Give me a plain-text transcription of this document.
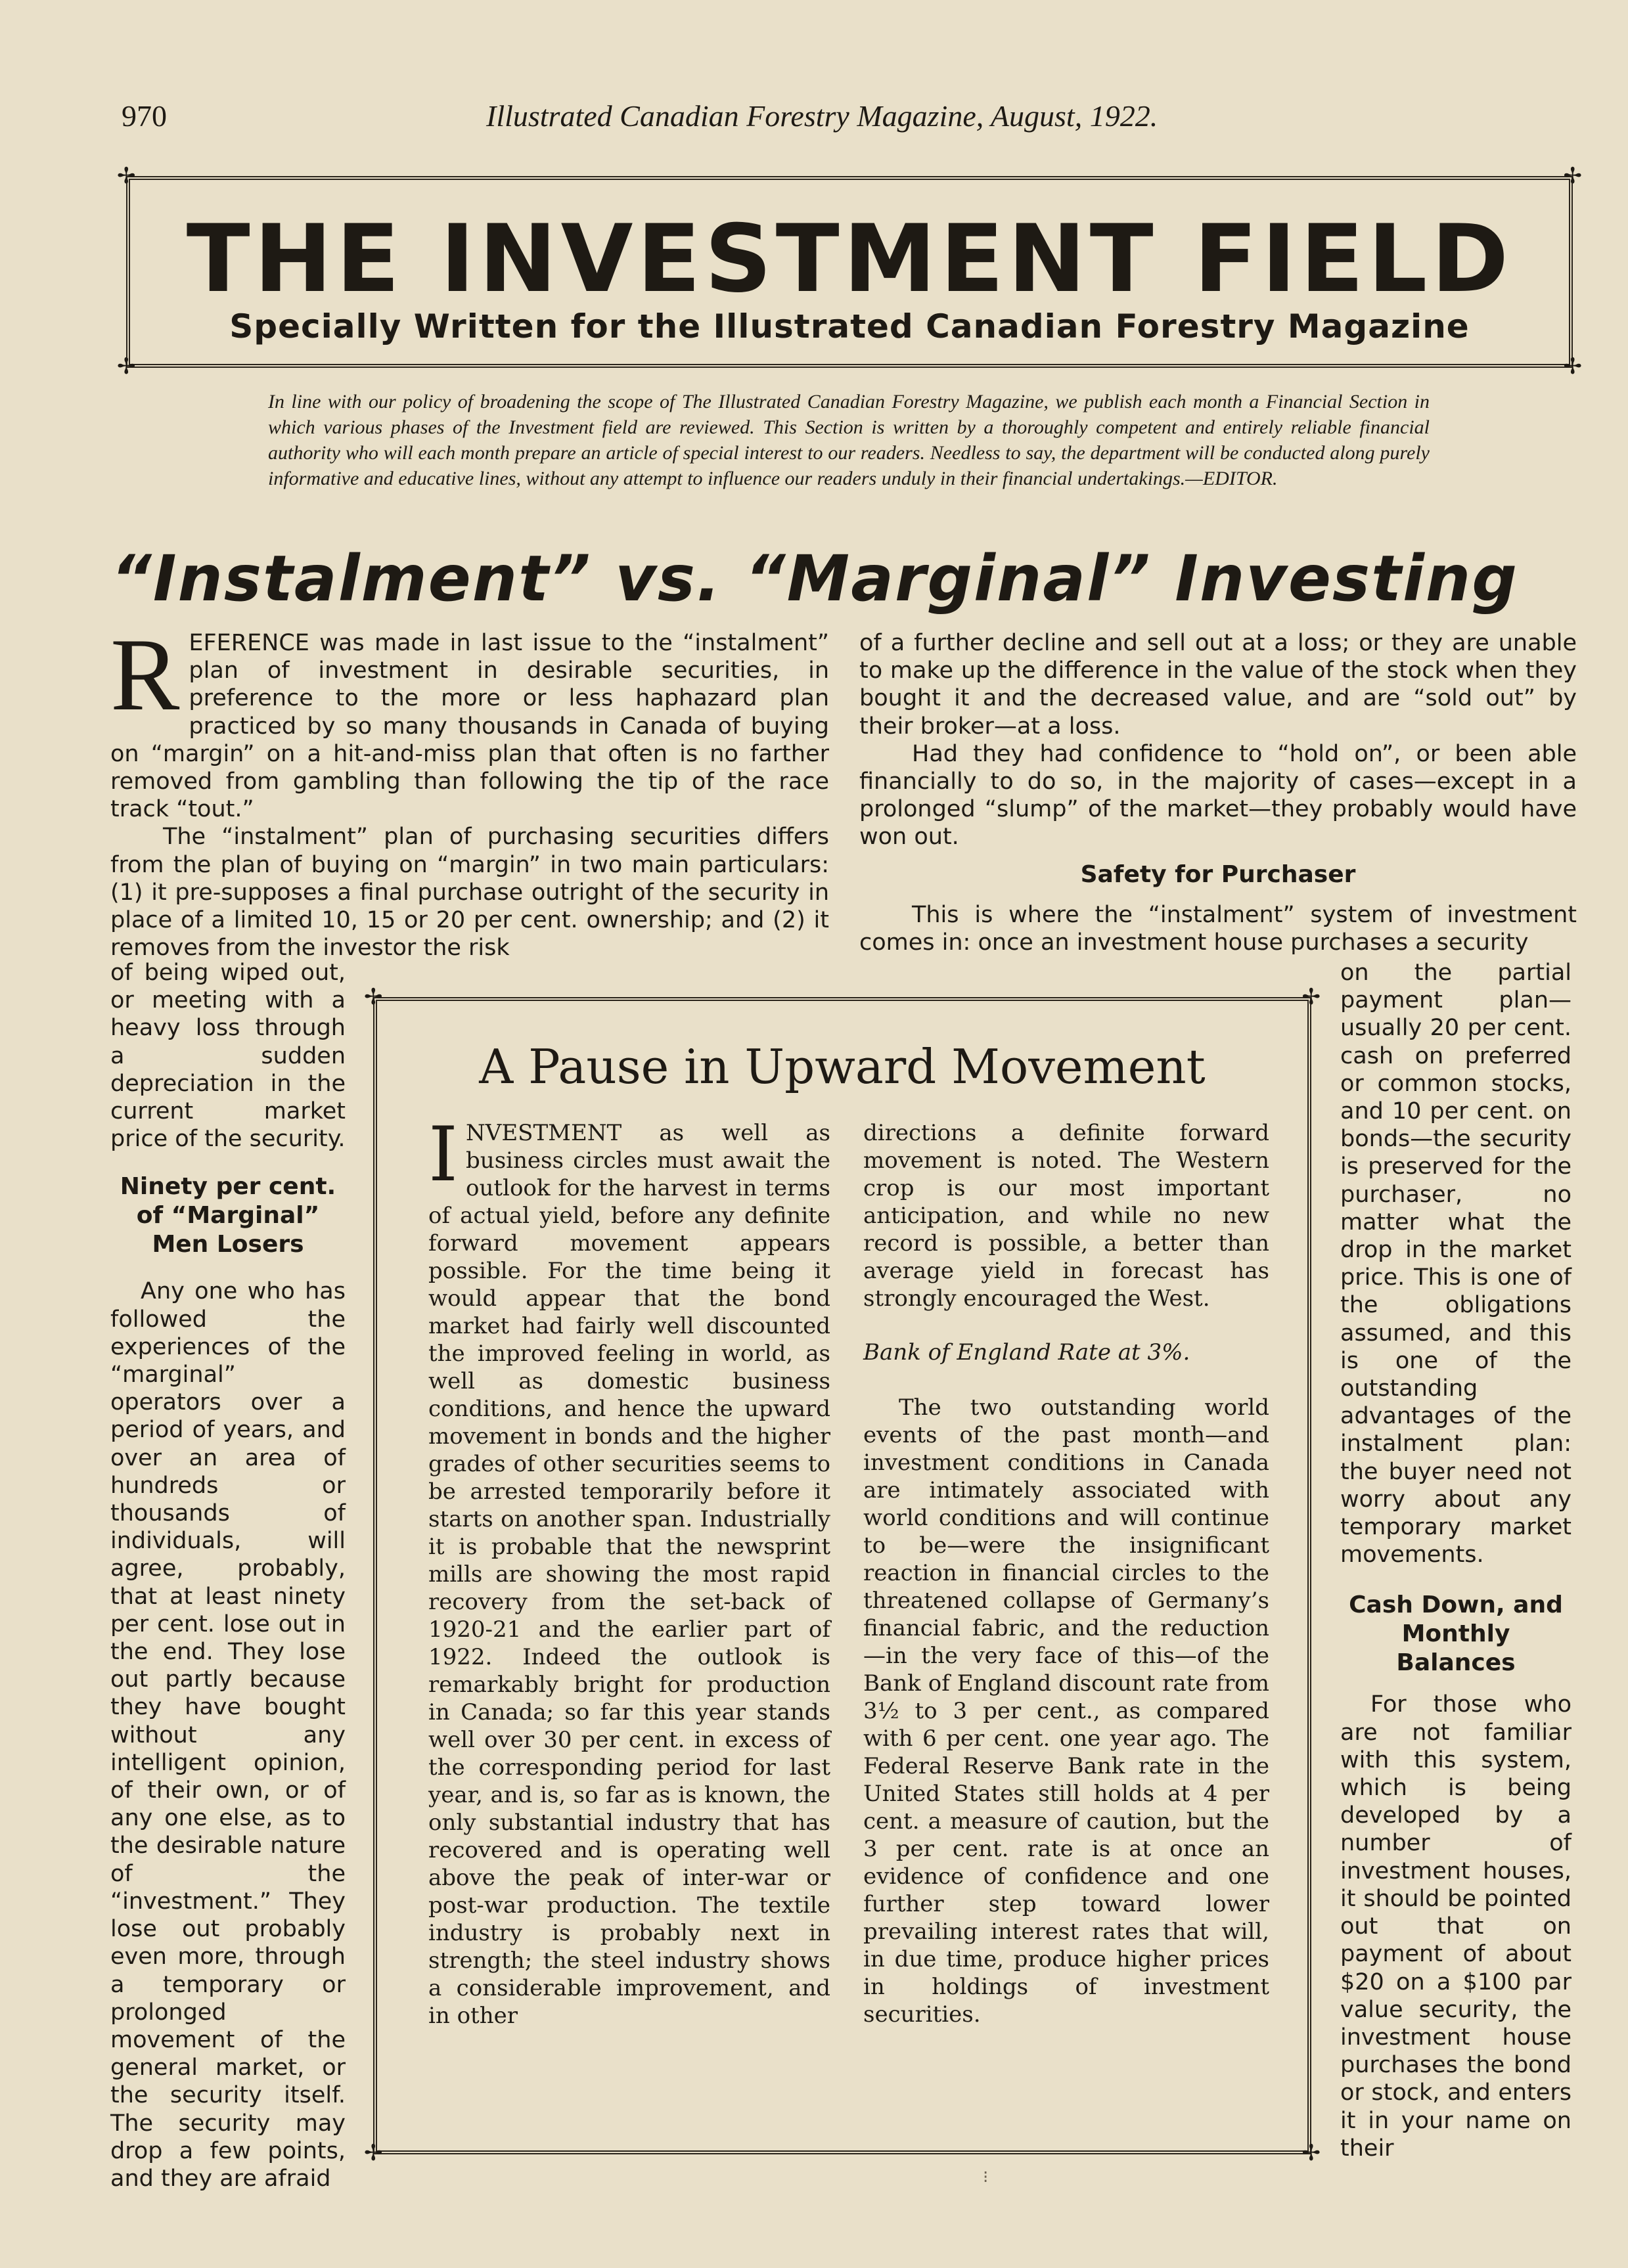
970	Illustrated Canadian Forestry Magazine, August, 1922.
✢	✢
✢	✢
THE INVESTMENT FIELD
Specially Written for the Illustrated Canadian Forestry Magazine
In line with our policy of broadening the scope of The Illustrated Canadian Forestry Magazine, we publish each month a Financial Section in which various phases of the Investment field are reviewed. This Section is written by a thoroughly competent and entirely reliable financial authority who will each month prepare an article of special interest to our readers. Needless to say, the department will be conducted along purely informative and educative lines, without any attempt to influence our readers unduly in their financial undertakings.—EDITOR.
“Instalment” vs. “Marginal” Investing
R EFERENCE was made in last issue to the “instalment” plan of investment in desirable securities, in preference to the more or less haphazard plan practiced by so many thousands in Canada of buying on “margin” on a hit-and-miss plan that often is no farther removed from gambling than following the tip of the race track “tout.”

The “instalment” plan of purchasing securities differs from the plan of buying on “margin” in two main particulars: (1) it pre-supposes a final purchase outright of the security in place of a limited 10, 15 or 20 per cent. ownership; and (2) it removes from the investor the risk

of a further decline and sell out at a loss; or they are unable to make up the difference in the value of the stock when they bought it and the decreased value, and are “sold out” by their broker—at a loss.

Had they had confidence to “hold on”, or been able financially to do so, in the majority of cases—except in a prolonged “slump” of the market—they probably would have won out.

Safety for Purchaser

This is where the “instalment” system of investment comes in: once an investment house purchases a security

of being wiped out, or meeting with a heavy loss through a sudden depreciation in the current market price of the security.

Ninety per cent. of “Marginal” Men Losers

Any one who has followed the experiences of the “marginal” operators over a period of years, and over an area of hundreds or thousands of individuals, will agree, probably, that at least ninety per cent. lose out in the end. They lose out partly because they have bought without any intelligent opinion, of their own, or of any one else, as to the desirable nature of the “investment.” They lose out probably even more, through a temporary or prolonged movement of the general market, or the security itself. The security may drop a few points, and they are afraid

on the partial payment plan—usually 20 per cent. cash on preferred or common stocks, and 10 per cent. on bonds—the security is preserved for the purchaser, no matter what the drop in the market price. This is one of the obligations assumed, and this is one of the outstanding advantages of the instalment plan: the buyer need not worry about any temporary market movements.

Cash Down, and Monthly Balances

For those who are not familiar with this system, which is being developed by a number of investment houses, it should be pointed out that on payment of about $20 on a $100 par value security, the investment house purchases the bond or stock, and enters it in your name on their

✢	✢
✢	✢
A Pause in Upward Movement
I NVESTMENT as well as business circles must await the outlook for the harvest in terms of actual yield, before any definite forward movement appears possible. For the time being it would appear that the bond market had fairly well discounted the improved feeling in world, as well as domestic business conditions, and hence the upward movement in bonds and the higher grades of other securities seems to be arrested temporarily before it starts on another span. Industrially it is probable that the newsprint mills are showing the most rapid recovery from the set-back of 1920-21 and the earlier part of 1922. Indeed the outlook is remarkably bright for production in Canada; so far this year stands well over 30 per cent. in excess of the corresponding period for last year, and is, so far as is known, the only substantial industry that has recovered and is operating well above the peak of inter-war or post-war production. The textile industry is probably next in strength; the steel industry shows a considerable improvement, and in other

directions a definite forward movement is noted. The Western crop is our most important anticipation, and while no new record is possible, a better than average yield in forecast has strongly encouraged the West.

Bank of England Rate at 3%.

The two outstanding world events of the past month—and investment conditions in Canada are intimately associated with world conditions and will continue to be—were the insignificant reaction in financial circles to the threatened collapse of Germany’s financial fabric, and the reduction—in the very face of this—of the Bank of England discount rate from 3½ to 3 per cent., as compared with 6 per cent. one year ago. The Federal Reserve Bank rate in the United States still holds at 4 per cent. a measure of caution, but the 3 per cent. rate is at once an evidence of confidence and one further step toward lower prevailing interest rates that will, in due time, produce higher prices in holdings of investment securities.

⁝
